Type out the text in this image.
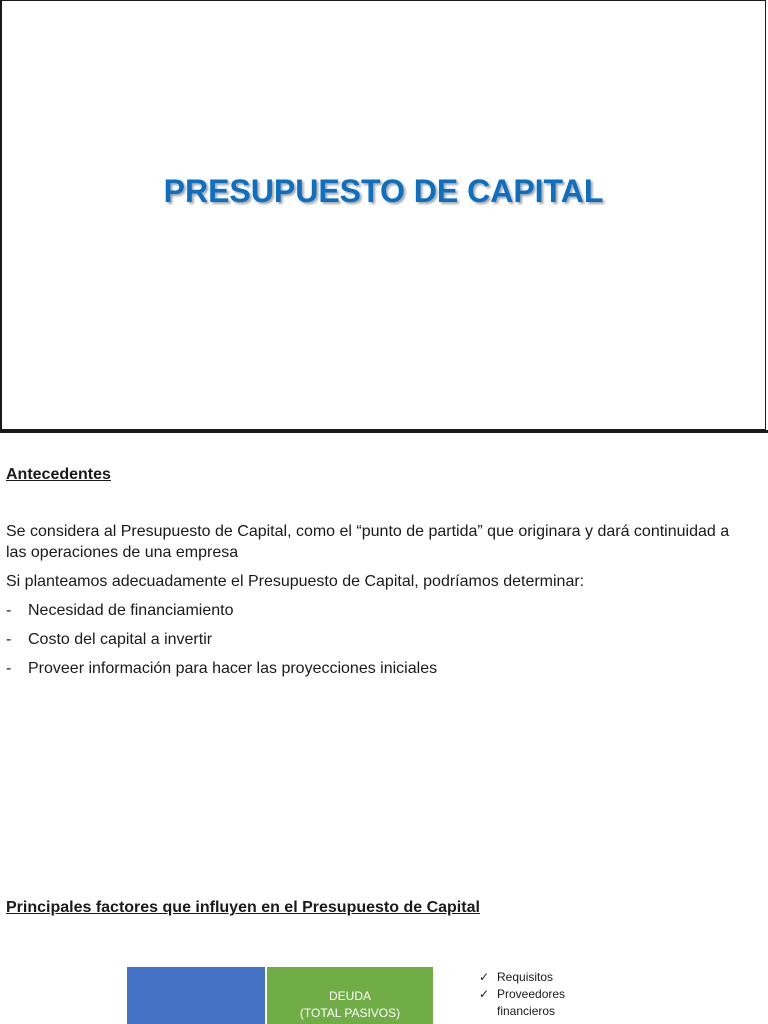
PRESUPUESTO DE CAPITAL
Antecedentes
Se considera al Presupuesto de Capital, como el “punto de partida” que originara y dará continuidad a las operaciones de una empresa
Si planteamos adecuadamente el Presupuesto de Capital, podríamos determinar:
-	Necesidad de financiamiento
-	Costo del capital a invertir
-	Proveer información para hacer las proyecciones iniciales
Principales factores que influyen en el Presupuesto de Capital
DEUDA
(TOTAL PASIVOS)
✓ Requisitos
✓ Proveedores
financieros
